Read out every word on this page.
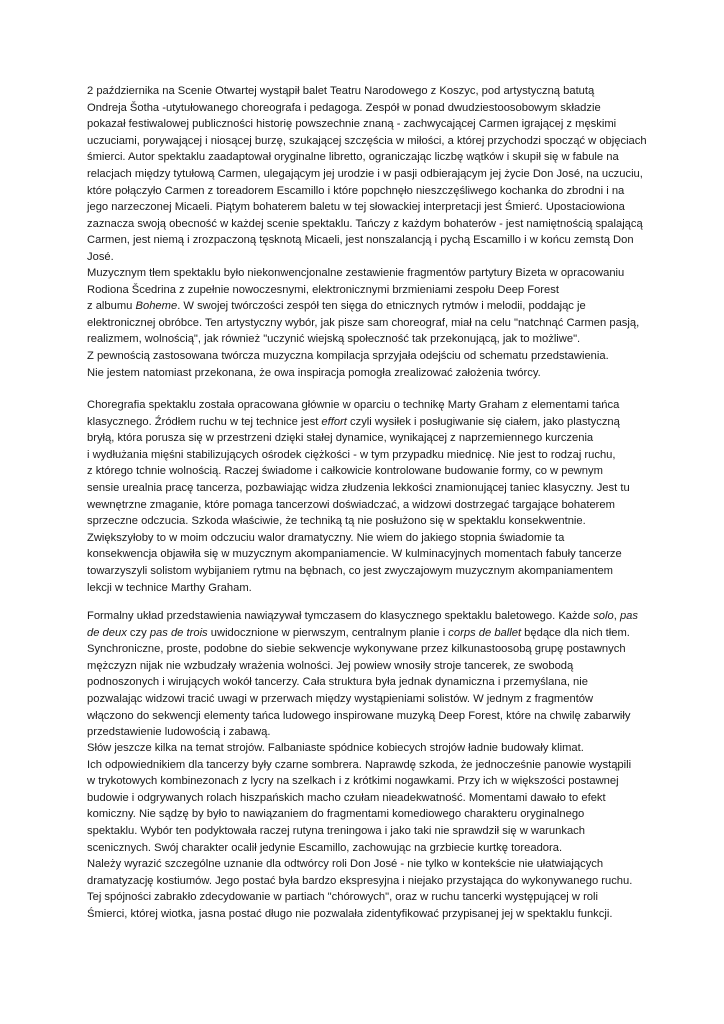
2 października na Scenie Otwartej wystąpił balet Teatru Narodowego z Koszyc, pod artystyczną batutą
Ondreja Šotha -utytułowanego choreografa i pedagoga. Zespół w ponad dwudziestoosobowym składzie
pokazał festiwalowej publiczności historię powszechnie znaną - zachwycającej Carmen igrającej z męskimi
uczuciami, porywającej i niosącej burzę, szukającej szczęścia w miłości, a której przychodzi spocząć w objęciach
śmierci. Autor spektaklu zaadaptował oryginalne libretto, ograniczając liczbę wątków i skupił się w fabule na
relacjach między tytułową Carmen, ulegającym jej urodzie i w pasji odbierającym jej życie Don José, na uczuciu,
które połączyło Carmen z toreadorem Escamillo i które popchnęło nieszczęśliwego kochanka do zbrodni i na
jego narzeczonej Micaeli. Piątym bohaterem baletu w tej słowackiej interpretacji jest Śmierć. Upostaciowiona
zaznacza swoją obecność w każdej scenie spektaklu. Tańczy z każdym bohaterów - jest namiętnością spalającą
Carmen, jest niemą i zrozpaczoną tęsknotą Micaeli, jest nonszalancją i pychą Escamillo i w końcu zemstą Don
José.
Muzycznym tłem spektaklu było niekonwencjonalne zestawienie fragmentów partytury Bizeta w opracowaniu
Rodiona Šcedrina z zupełnie nowoczesnymi, elektronicznymi brzmieniami zespołu Deep Forest
z albumu Boheme. W swojej twórczości zespół ten sięga do etnicznych rytmów i melodii, poddając je
elektronicznej obróbce. Ten artystyczny wybór, jak pisze sam choreograf, miał na celu "natchnąć Carmen pasją,
realizmem, wolnością", jak również "uczynić wiejską społeczność tak przekonującą, jak to możliwe".
Z pewnością zastosowana twórcza muzyczna kompilacja sprzyjała odejściu od schematu przedstawienia.
Nie jestem natomiast przekonana, że owa inspiracja pomogła zrealizować założenia twórcy.
Choregrafia spektaklu została opracowana głównie w oparciu o technikę Marty Graham z elementami tańca
klasycznego. Źródłem ruchu w tej technice jest effort czyli wysiłek i posługiwanie się ciałem, jako plastyczną
bryłą, która porusza się w przestrzeni dzięki stałej dynamice, wynikającej z naprzemiennego kurczenia
i wydłużania mięśni stabilizujących ośrodek ciężkości - w tym przypadku miednicę. Nie jest to rodzaj ruchu,
z którego tchnie wolnością. Raczej świadome i całkowicie kontrolowane budowanie formy, co w pewnym
sensie urealnia pracę tancerza, pozbawiając widza złudzenia lekkości znamionującej taniec klasyczny. Jest tu
wewnętrzne zmaganie, które pomaga tancerzowi doświadczać, a widzowi dostrzegać targające bohaterem
sprzeczne odczucia. Szkoda właściwie, że techniką tą nie posłużono się w spektaklu konsekwentnie.
Zwiększyłoby to w moim odczuciu walor dramatyczny. Nie wiem do jakiego stopnia świadomie ta
konsekwencja objawiła się w muzycznym akompaniamencie. W kulminacyjnych momentach fabuły tancerze
towarzyszyli solistom wybijaniem rytmu na bębnach, co jest zwyczajowym muzycznym akompaniamentem
lekcji w technice Marthy Graham.
Formalny układ przedstawienia nawiązywał tymczasem do klasycznego spektaklu baletowego. Każde solo, pas
de deux czy pas de trois uwidocznione w pierwszym, centralnym planie i corps de ballet będące dla nich tłem.
Synchroniczne, proste, podobne do siebie sekwencje wykonywane przez kilkunastoosobą grupę postawnych
mężczyzn nijak nie wzbudzały wrażenia wolności. Jej powiew wnosiły stroje tancerek, ze swobodą
podnoszonych i wirujących wokół tancerzy. Cała struktura była jednak dynamiczna i przemyślana, nie
pozwalając widzowi tracić uwagi w przerwach między wystąpieniami solistów. W jednym z fragmentów
włączono do sekwencji elementy tańca ludowego inspirowane muzyką Deep Forest, które na chwilę zabarwiły
przedstawienie ludowością i zabawą.
Słów jeszcze kilka na temat strojów. Falbaniaste spódnice kobiecych strojów ładnie budowały klimat.
Ich odpowiednikiem dla tancerzy były czarne sombrera. Naprawdę szkoda, że jednocześnie panowie wystąpili
w trykotowych kombinezonach z lycry na szelkach i z krótkimi nogawkami. Przy ich w większości postawnej
budowie i odgrywanych rolach hiszpańskich macho czułam nieadekwatność. Momentami dawało to efekt
komiczny. Nie sądzę by było to nawiązaniem do fragmentami komediowego charakteru oryginalnego
spektaklu. Wybór ten podyktowała raczej rutyna treningowa i jako taki nie sprawdził się w warunkach
scenicznych. Swój charakter ocalił jedynie Escamillo, zachowując na grzbiecie kurtkę toreadora.
Należy wyrazić szczególne uznanie dla odtwórcy roli Don José - nie tylko w kontekście nie ułatwiających
dramatyzację kostiumów. Jego postać była bardzo ekspresyjna i niejako przystająca do wykonywanego ruchu.
Tej spójności zabrakło zdecydowanie w partiach "chórowych", oraz w ruchu tancerki występującej w roli
Śmierci, której wiotka, jasna postać długo nie pozwalała zidentyfikować przypisanej jej w spektaklu funkcji.
